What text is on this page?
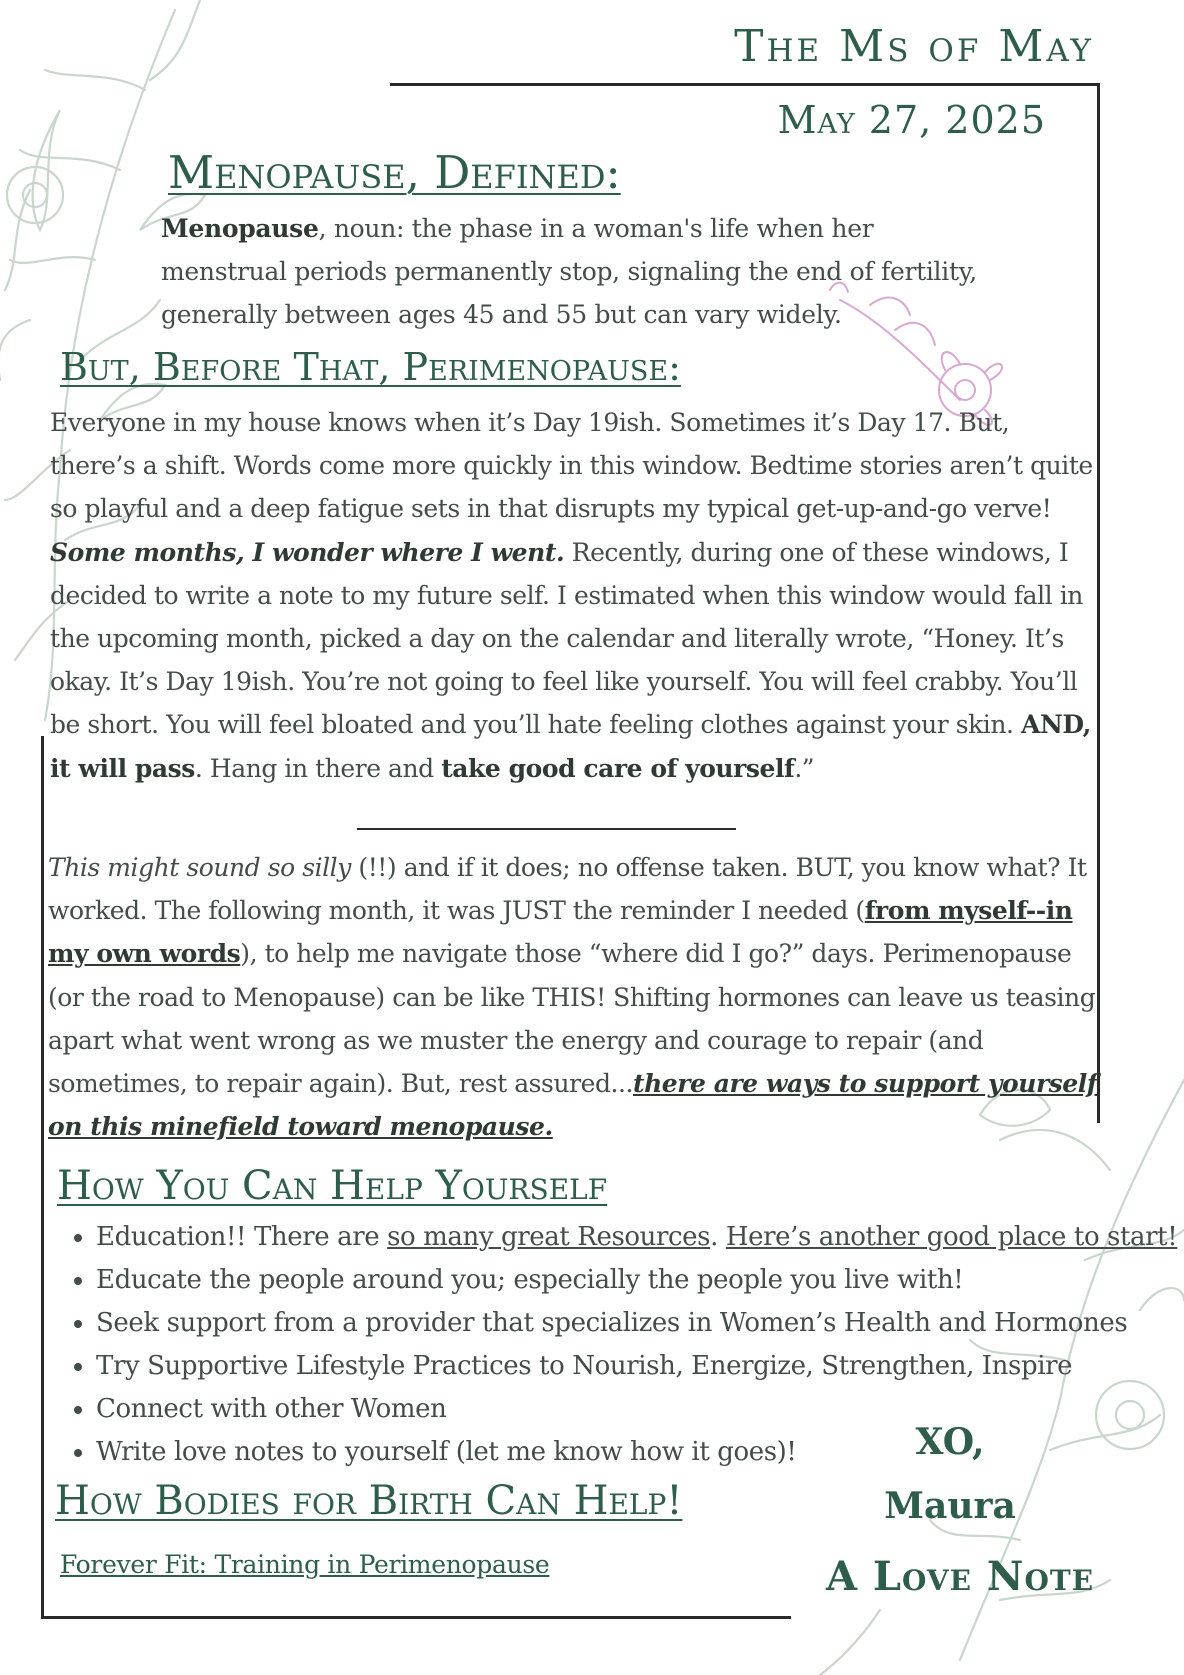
The Ms of May
May 27, 2025
Menopause, Defined:

Menopause, noun: the phase in a woman's life when her menstrual periods permanently stop, signaling the end of fertility, generally between ages 45 and 55 but can vary widely.

But, Before That, Perimenopause:

Everyone in my house knows when it’s Day 19ish. Sometimes it’s Day 17. But, there’s a shift. Words come more quickly in this window. Bedtime stories aren’t quite so playful and a deep fatigue sets in that disrupts my typical get-up-and-go verve! Some months, I wonder where I went. Recently, during one of these windows, I decided to write a note to my future self. I estimated when this window would fall in the upcoming month, picked a day on the calendar and literally wrote, “Honey. It’s okay. It’s Day 19ish. You’re not going to feel like yourself. You will feel crabby. You’ll be short. You will feel bloated and you’ll hate feeling clothes against your skin. AND, it will pass. Hang in there and take good care of yourself.”

This might sound so silly (!!) and if it does; no offense taken. BUT, you know what? It worked. The following month, it was JUST the reminder I needed (from myself--in my own words), to help me navigate those “where did I go?” days. Perimenopause (or the road to Menopause) can be like THIS! Shifting hormones can leave us teasing apart what went wrong as we muster the energy and courage to repair (and sometimes, to repair again). But, rest assured...there are ways to support yourself on this minefield toward menopause.

How You Can Help Yourself
• Education!! There are so many great Resources. Here’s another good place to start!
• Educate the people around you; especially the people you live with!
• Seek support from a provider that specializes in Women’s Health and Hormones
• Try Supportive Lifestyle Practices to Nourish, Energize, Strengthen, Inspire
• Connect with other Women
• Write love notes to yourself (let me know how it goes)!
How Bodies for Birth Can Help!
Forever Fit: Training in Perimenopause
XO,
Maura
A Love Note
